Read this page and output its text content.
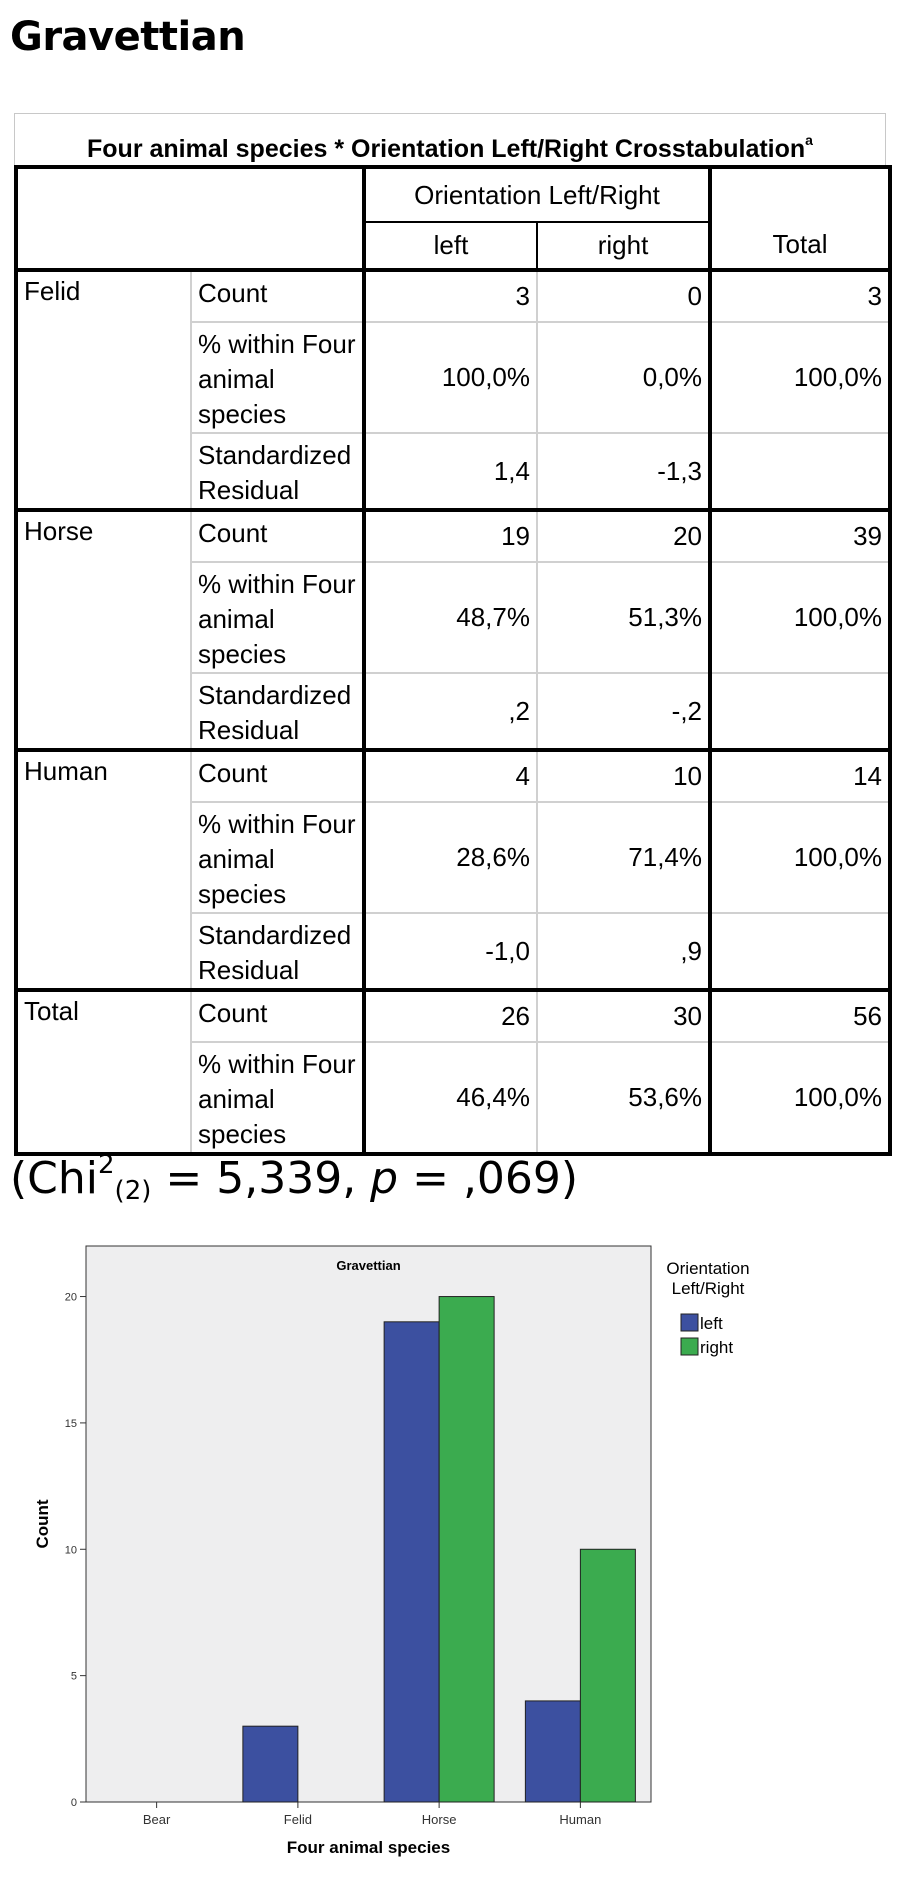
Gravettian
Four animal species * Orientation Left/Right Crosstabulation$^a$
		Orientation Left/Right		Total
		left	right	
Felid	Count	3	0	3
	% within Four animal species	100,0%	0,0%	100,0%
	Standardized Residual	1,4	-1,3	
Horse	Count	19	20	39
	% within Four animal species	48,7%	51,3%	100,0%
	Standardized Residual	,2	-,2	
Human	Count	4	10	14
	% within Four animal species	28,6%	71,4%	100,0%
	Standardized Residual	-1,0	,9	
Total	Count	26	30	56
	% within Four animal species	46,4%	53,6%	100,0%
(Chi$^2_{(2)}$ = 5,339, p = ,069)
Gravettian
0
5
10
15
20
Bear	Felid	Horse	Human
Four animal species
Count
Orientation
Left/Right
left
right
